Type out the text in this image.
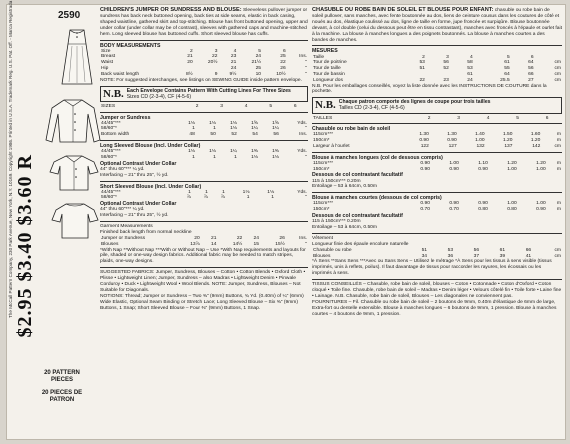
The McCall Pattern Company, 230 Park Avenue, New York, N.Y. 10169. Copyright 1986. Printed in U.S.A. Trademark Reg. U.S. Pat. Off. - Marca Registrada $2.95 $3.40 $3.60 R
2590
20 PATTERN PIECES
20 PIECES DE PATRON
CHILDREN'S JUMPER OR SUNDRESS AND BLOUSE: Sleeveless pullover jumper or sundress has back neck buttoned opening, back ties at side seams, elastic in back casing, shaped waistline, gathered skirt and top-stitching. Blouse has front buttoned opening, upper and under collar (under collar may be of contrast), sleeves with gathered caps and machine-stitched hem. Long sleeved blouse has buttoned cuffs. Short sleeved blouse has cuffs.
BODY MEASUREMENTS
Size	2	3	4	5	6	
Breast	21	22	23	24	25	Ins.
Waist	20	20½	21	21½	22	"
Hip			24	25	26	"
Back waist length	8½	9	9½	10	10½	"
NOTE: For suggested interchanges, see listings on SEWING GUIDE inside pattern envelope.
N.B. Each Envelope Contains Pattern With Cutting Lines For Three Sizes
Sizes CD (2-3-4), CF (4-5-6)
SIZES	2	3	4	5	6	
Jumper or Sundress
44/45"***	1⅛	1⅛	1⅛	1⅝	1⅝	Yds.
58/60"*	1	1	1⅛	1¼	1¼	"
Bottom width	48	50	52	54	56	Ins.
Long Sleeved Blouse (Incl. Under Collar)
44/45"***	1⅛	1⅛	1¼	1⅜	1⅜	Yds.
58/60"*	1	1	1	1⅛	1⅛	"
Optional Contrast Under Collar
44" thru 60"*** ¼ yd.
Interfacing – 21" thru 25", ½ yd.
Short Sleeved Blouse (Incl. Under Collar)
44/45"***	1	1	1	1⅛	1⅛	Yds.
58/60"*	⅞	⅞	⅞	1	1	"
Optional Contrast Under Collar
44" thru 60"*** ¼ yd.
Interfacing – 21" thru 25", ½ yd.
Garment Measurements
Finished back length from normal neckline
Jumper or Sundress	20	21	22	24	26	Ins.
Blouses	13⅞	14	14½	15	15½	"
*With Nap **Without Nap ***With or Without Nap – Use *With Nap requirements and layouts for pile, shaded or one-way design fabrics. Additional fabric may be needed to match stripes, plaids, one-way designs.
SUGGESTED FABRICS: Jumper, Sundress, Blouses – Cotton • Cotton Blends • Oxford Cloth • Plisse • Lightweight Linen; Jumper, Sundress – also Madras • Lightweight Denim • Pinwale Corduroy • Duck • Lightweight Wool • Wool Blends. NOTE: Jumper, Sundress, Blouses – Not Suitable for Diagonals.
NOTIONS: Thread; Jumper or Sundress – Two ⅜" (9mm) Buttons, ¾ Yd. (0.40m) of ¼" (6mm) Wide Elastic, Optional Seam Binding or Stretch Lace; Long Sleeved Blouse – Six ⅜" (9mm) Buttons, 1 Snap; Short Sleeved Blouse – Four ⅜" (9mm) Buttons, 1 Snap.
CHASUBLE OU ROBE BAIN DE SOLEIL ET BLOUSE POUR ENFANT: chasuble ou robe bain de soleil pullover, sans manches, avec fente boutonnée au dos, liens de ceinture cousus dans les coutures de côté et noués au dos, élastique coulissé au dos, ligne de taille en forme, jupe froncée et surpiqûre. Blouse boutonnée devant, à col double (celui du dessous peut être en tissu contrastant), manches avec froncés à l'épaule et ourlet fait à la machine. La blouse à manches longues a des poignets boutonnés. La blouse à manches courtes a des bandes de manches.
MESURES
Taille	2	3	4	5	6	
Tour de poitrine	53	56	58	61	64	cm
Tour de taille	51	52	53	55	56	cm
Tour de bassin			61	64	66	cm
Longueur dos	22	23	24	25.5	27	cm
N.B. Pour les emballages conseillés, voyez la liste donnée avec les INSTRUCTIONS DE COUTURE dans la pochette.
N.B. Chaque patron comporte des lignes de coupe pour trois tailles
Tailles CD (2-3-4), CF (4-5-6)
TAILLES	2	3	4	5	6	
Chasuble ou robe bain de soleil
115cm***	1.30	1.30	1.40	1.50	1.60	m
150cm*	0.90	0.90	1.00	1.20	1.20	m
Largeur à l'ourlet	122	127	132	137	142	cm
Blouse à manches longues (col de dessous compris)
115cm***	0.90	1.00	1.10	1.20	1.20	m
150cm*	0.90	0.90	0.90	1.00	1.00	m
Dessous de col contrastant facultatif
115 à 150cm*** 0.20m
Entoilage – 53 à 64cm, 0.50m
Blouse à manches courtes (dessous de col compris)
115cm***	0.90	0.90	0.90	1.00	1.00	m
150cm*	0.70	0.70	0.80	0.80	0.90	m
Dessous de col contrastant facultatif
115 à 150cm*** 0.20m
Entoilage – 53 à 64cm, 0.50m
Vêtement
Longueur finie des épaule encolure naturelle
Chasuble ou robe	51	53	56	61	66	cm
Blouses	34	36	37	39	41	cm
*Á Sens **Sans Sens ***Avec ou Sans Sens – Utilisez le métrage *À Sens pour les tissus à sens visible (tissus imprimés, unis à reflets, poilus). Il faut davantage de tissus pour raccorder les rayures, les écossais ou les imprimés à sens.
TISSUS CONSEILLÉS – Chasuble, robe bain de soleil, blouses – Coton • Cotonnade • Coton d'Oxford • Coton cloqué • Toile fine. Chasuble, robe bain de soleil – Madras • Denim léger • Velours côtelé fin • Toile forte • Laine fine • Lainage. N.B. Chasuble, robe bain de soleil, Blouses – Les diagonales ne conviennent pas.
FOURNITURES – Fil. Chasuble ou robe bain de soleil – 2 boutons de 9mm, 0.40m d'élastique de 6mm de large, Extra-fort ou dentelle extensible. Blouse à manches longues – 6 boutons de 9mm, 1 pression. Blouse à manches courtes – 4 boutons de 9mm, 1 pression.
